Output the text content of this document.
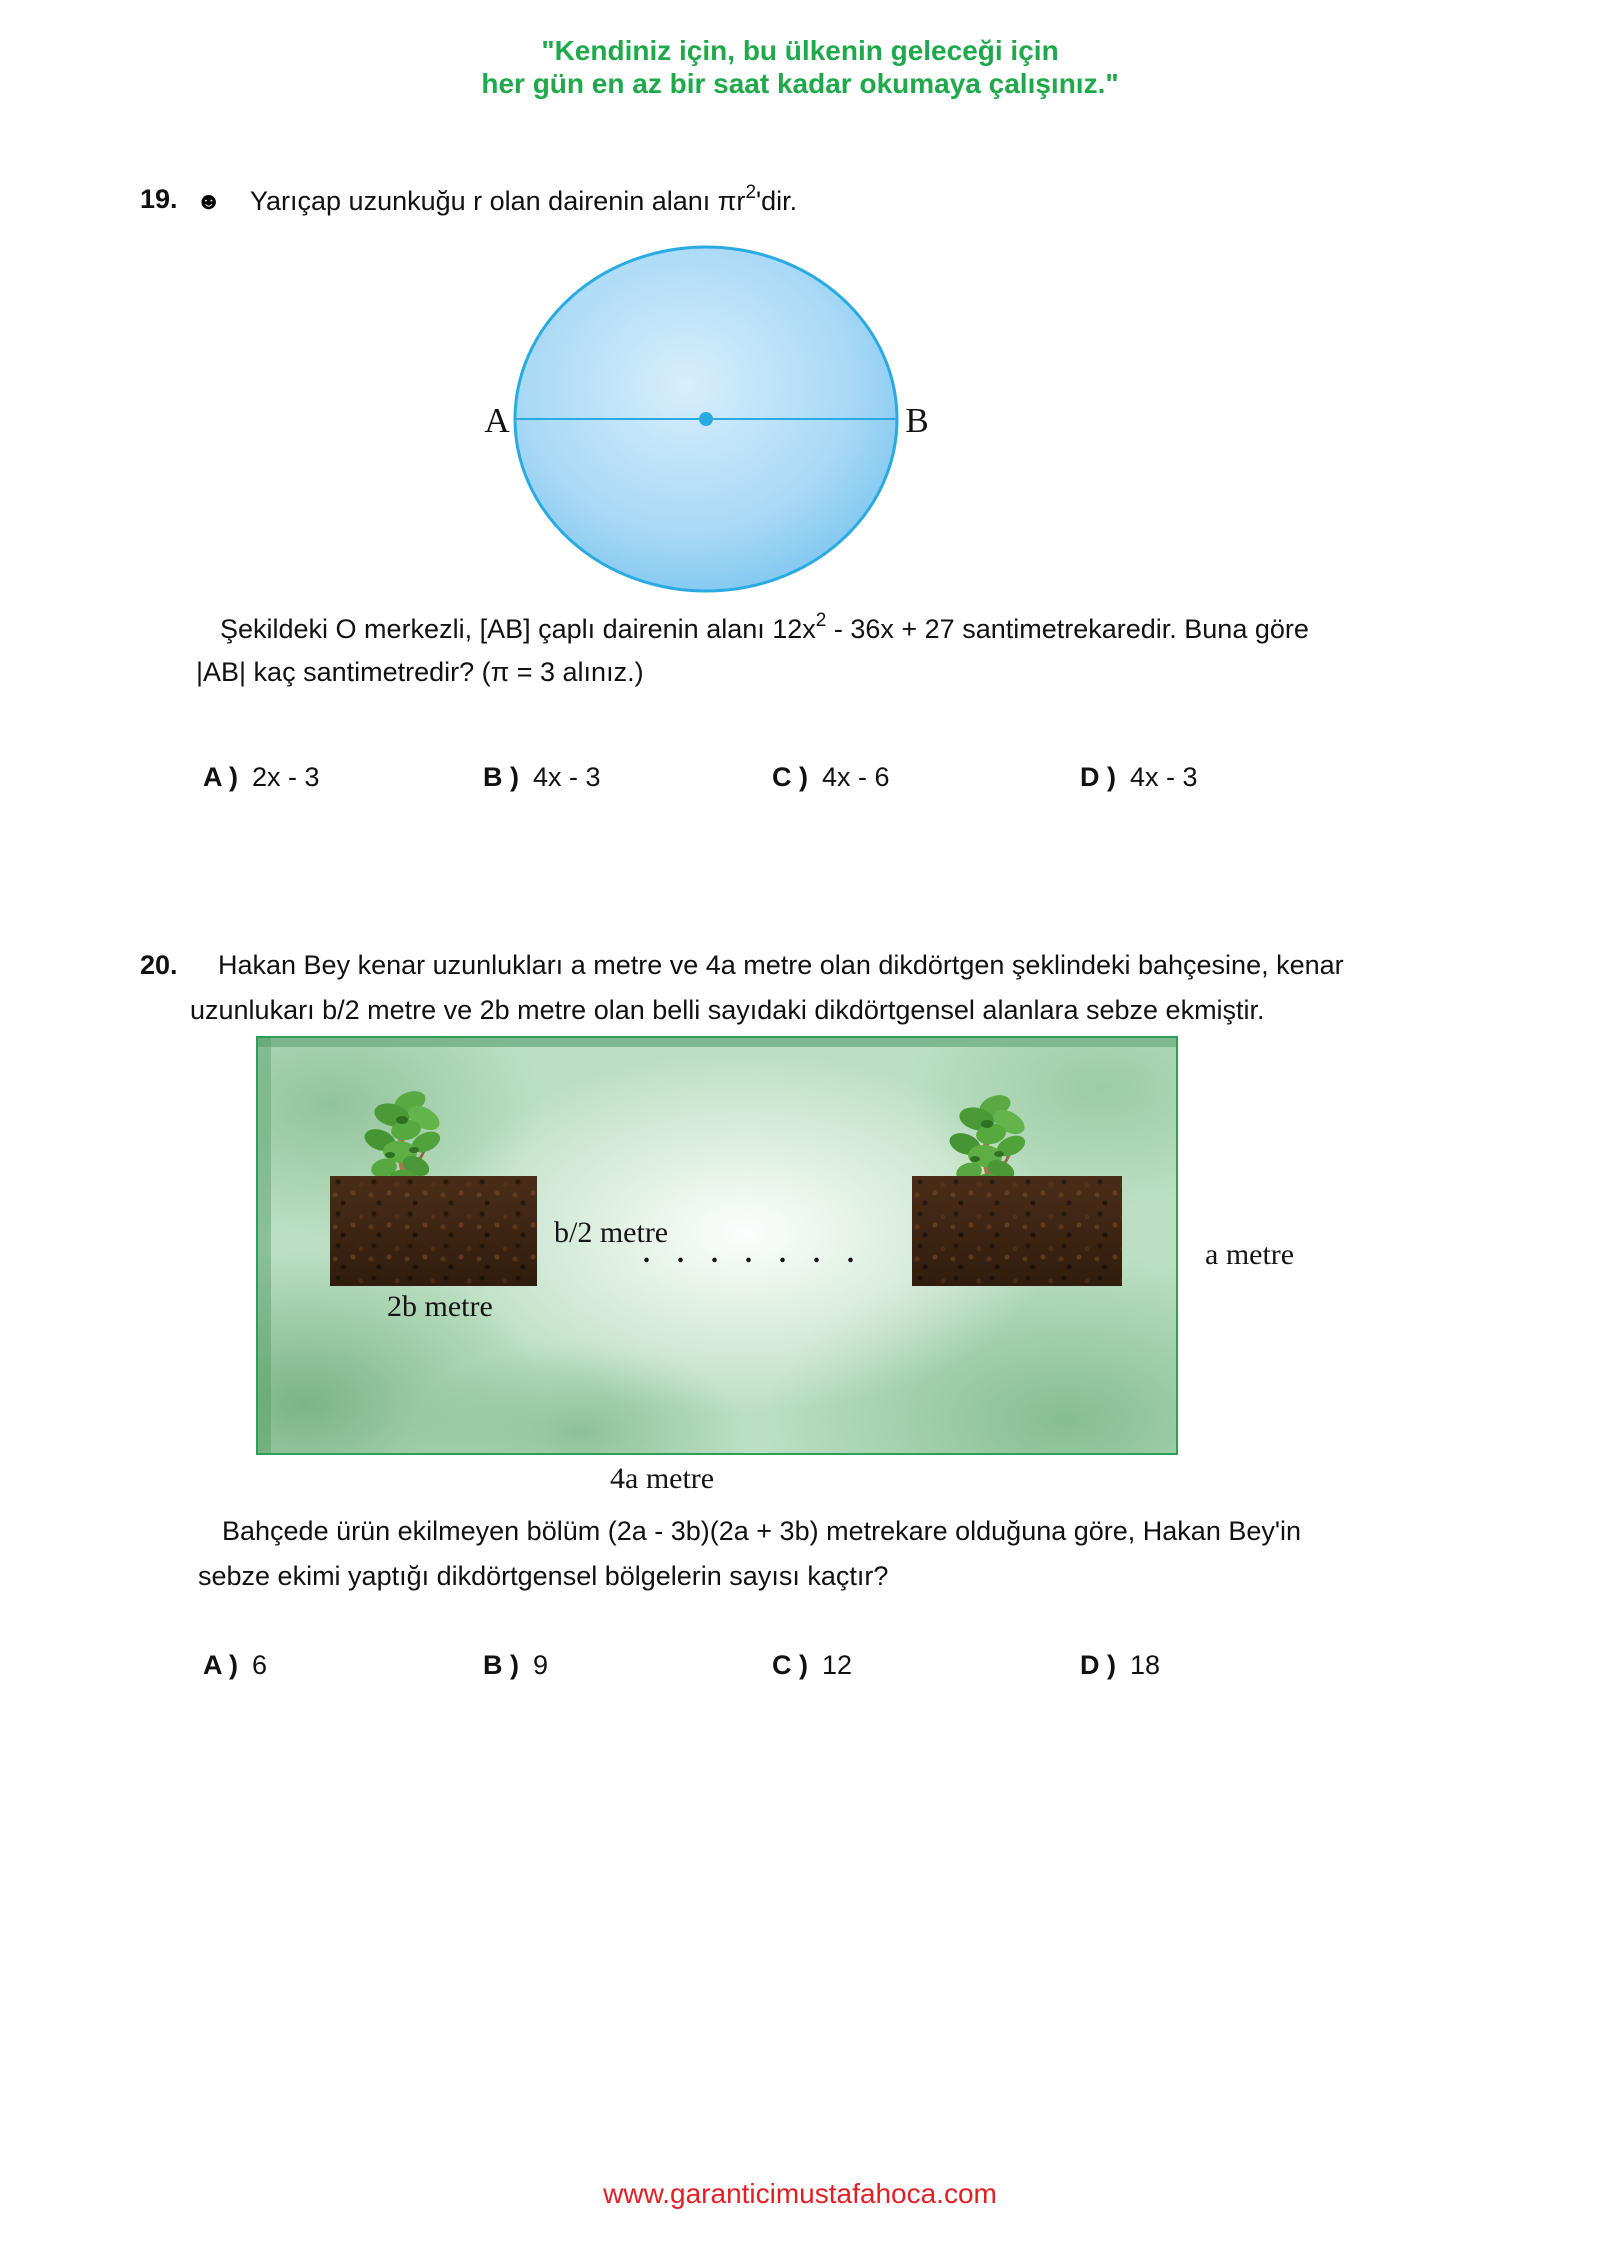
"Kendiniz için, bu ülkenin geleceği için
her gün en az bir saat kadar okumaya çalışınız."
19. ☻ Yarıçap uzunkuğu r olan dairenin alanı $\pi r^2'dir$.
A	B
Şekildeki O merkezli, [AB] çaplı dairenin alanı $12x^2 - 36x + 27$ santimetrekaredir. Buna göre
|AB| kaç santimetredir? (π = 3 alınız.)
A ) 2x - 3	B ) 4x - 3	C ) 4x - 6	D ) 4x - 3
20. Hakan Bey kenar uzunlukları a metre ve 4a metre olan dikdörtgen şeklindeki bahçesine, kenar
uzunlukarı b/2 metre ve 2b metre olan belli sayıdaki dikdörtgensel alanlara sebze ekmiştir.
b/2 metre
. . . . . . .
2b metre
a metre
4a metre
Bahçede ürün ekilmeyen bölüm (2a - 3b)(2a + 3b) metrekare olduğuna göre, Hakan Bey'in
sebze ekimi yaptığı dikdörtgensel bölgelerin sayısı kaçtır?
A ) 6	B ) 9	C ) 12	D ) 18
www.garanticimustafahoca.com
